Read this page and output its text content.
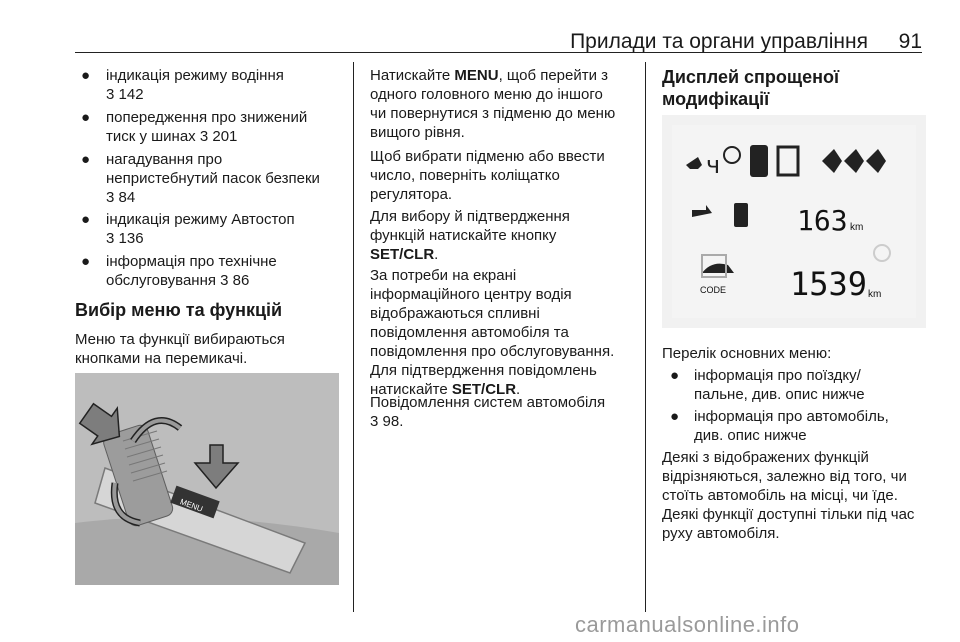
Прилади та органи управління 91
● індикація режиму водіння
3 142

● попередження про знижений
тиск у шинах 3 201

● нагадування про
непристебнутий пасок безпеки
3 84

● індикація режиму Автостоп
3 136

● інформація про технічне
обслуговування 3 86

Вибір меню та функцій

Меню та функції вибираються
кнопками на перемикачі.

MENU

Натискайте MENU, щоб перейти з
одного головного меню до іншого
чи повернутися з підменю до меню
вищого рівня.

Щоб вибрати підменю або ввести
число, поверніть коліщатко
регулятора.

Для вибору й підтвердження
функцій натискайте кнопку
SET/CLR.

За потреби на екрані
інформаційного центру водія
відображаються спливні
повідомлення автомобіля та
повідомлення про обслуговування.
Для підтвердження повідомлень
натискайте SET/CLR.

Повідомлення систем автомобіля
3 98.

Дисплей спрощеної
модифікації
ч
163 km
1539 km
CODE

Перелік основних меню:

● інформація про поїздку/
пальне, див. опис нижче

● інформація про автомобіль,
див. опис нижче

Деякі з відображених функцій
відрізняються, залежно від того, чи
стоїть автомобіль на місці, чи їде.
Деякі функції доступні тільки під час
руху автомобіля.

carmanualsonline.info
